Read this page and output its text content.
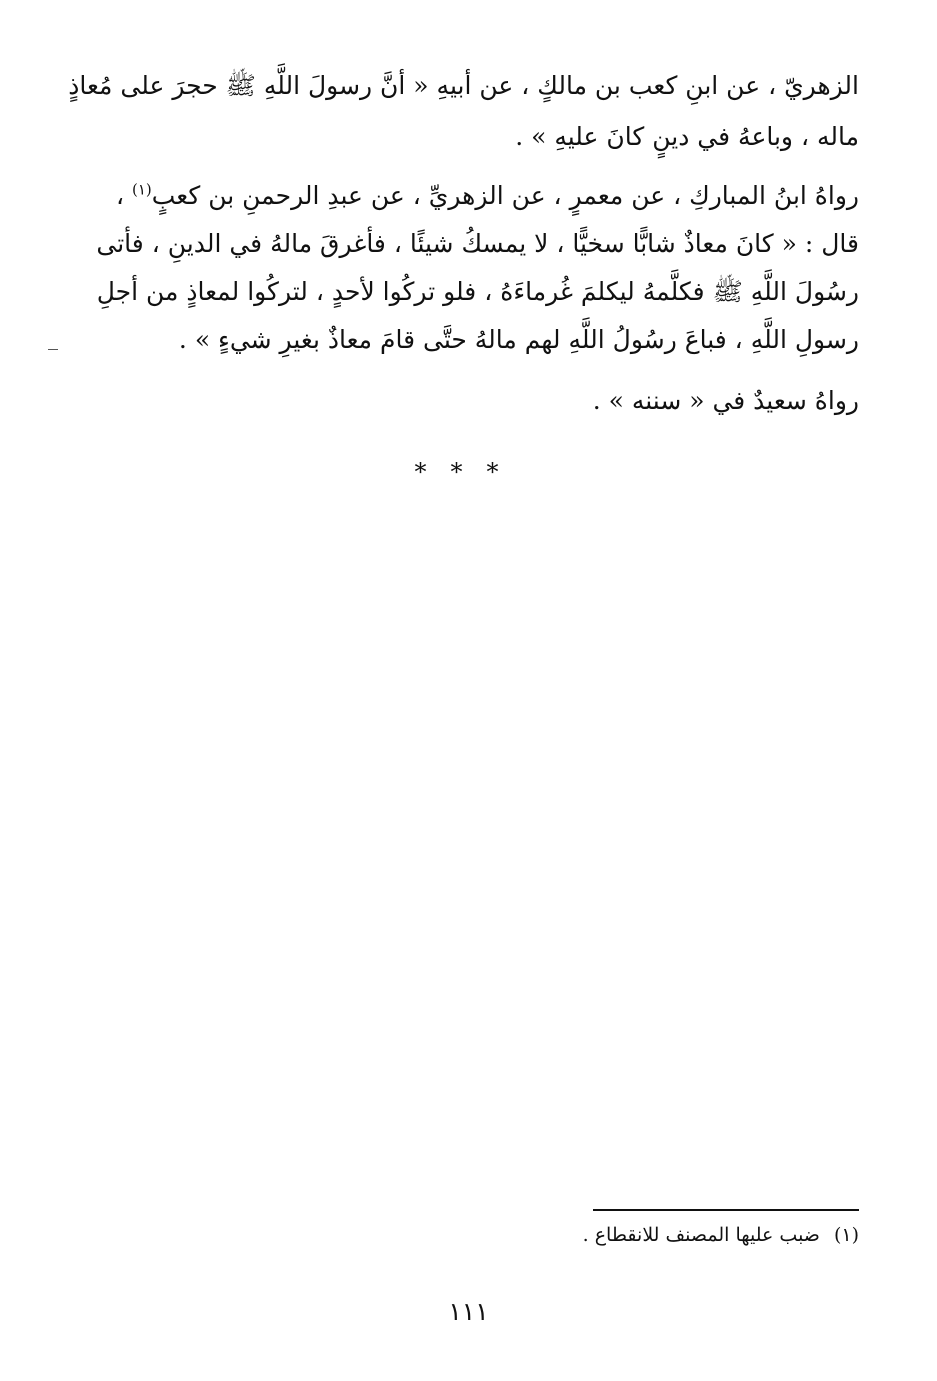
الزهريّ ، عن ابنِ كعب بن مالكٍ ، عن أبيهِ « أنَّ رسولَ اللَّهِ ﷺ حجرَ على مُعاذٍ
ماله ، وباعهُ في دينٍ كانَ عليهِ » .
رواهُ ابنُ المباركِ ، عن معمرٍ ، عن الزهريِّ ، عن عبدِ الرحمنِ بن كعبٍ$^{(١)}$ ،
قال : « كانَ معاذٌ شابًّا سخيًّا ، لا يمسكُ شيئًا ، فأغرقَ مالهُ في الدينِ ، فأتى
رسُولَ اللَّهِ ﷺ فكلَّمهُ ليكلمَ غُرماءَهُ ، فلو تركُوا لأحدٍ ، لتركُوا لمعاذٍ من أجلِ
رسولِ اللَّهِ ، فباعَ رسُولُ اللَّهِ لهم مالهُ حتَّى قامَ معاذٌ بغيرِ شيءٍ » .
رواهُ سعيدٌ في « سننه » .
***
(١)ضبب عليها المصنف للانقطاع .
١١١
